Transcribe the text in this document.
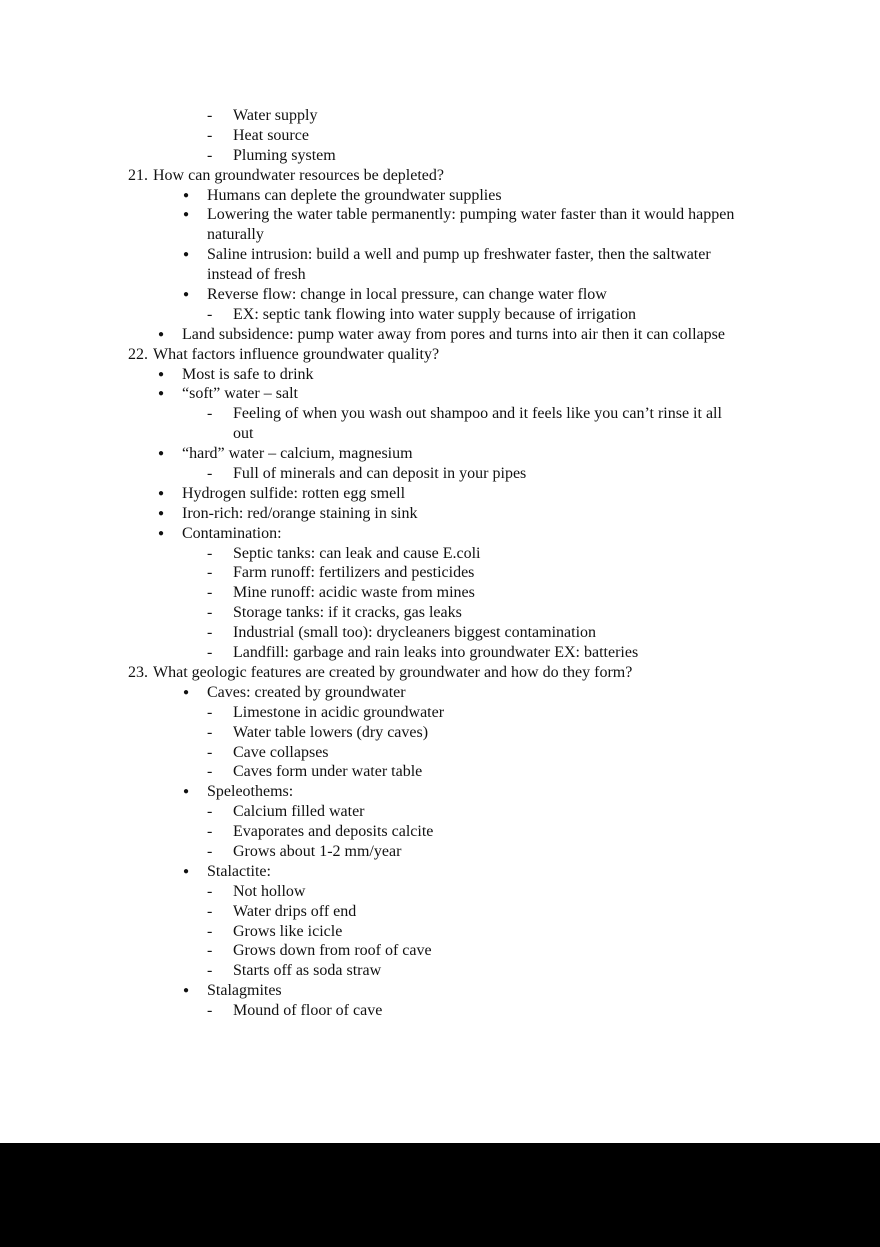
- Water supply
- Heat source
- Pluming system
21. How can groundwater resources be depleted?
● Humans can deplete the groundwater supplies
● Lowering the water table permanently: pumping water faster than it would happen
naturally
● Saline intrusion: build a well and pump up freshwater faster, then the saltwater
instead of fresh
● Reverse flow: change in local pressure, can change water flow
- EX: septic tank flowing into water supply because of irrigation
● Land subsidence: pump water away from pores and turns into air then it can collapse
22. What factors influence groundwater quality?
● Most is safe to drink
● “soft” water – salt
- Feeling of when you wash out shampoo and it feels like you can’t rinse it all
out
● “hard” water – calcium, magnesium
- Full of minerals and can deposit in your pipes
● Hydrogen sulfide: rotten egg smell
● Iron-rich: red/orange staining in sink
● Contamination:
- Septic tanks: can leak and cause E.coli
- Farm runoff: fertilizers and pesticides
- Mine runoff: acidic waste from mines
- Storage tanks: if it cracks, gas leaks
- Industrial (small too): drycleaners biggest contamination
- Landfill: garbage and rain leaks into groundwater EX: batteries
23. What geologic features are created by groundwater and how do they form?
● Caves: created by groundwater
- Limestone in acidic groundwater
- Water table lowers (dry caves)
- Cave collapses
- Caves form under water table
● Speleothems:
- Calcium filled water
- Evaporates and deposits calcite
- Grows about 1-2 mm/year
● Stalactite:
- Not hollow
- Water drips off end
- Grows like icicle
- Grows down from roof of cave
- Starts off as soda straw
● Stalagmites
- Mound of floor of cave
